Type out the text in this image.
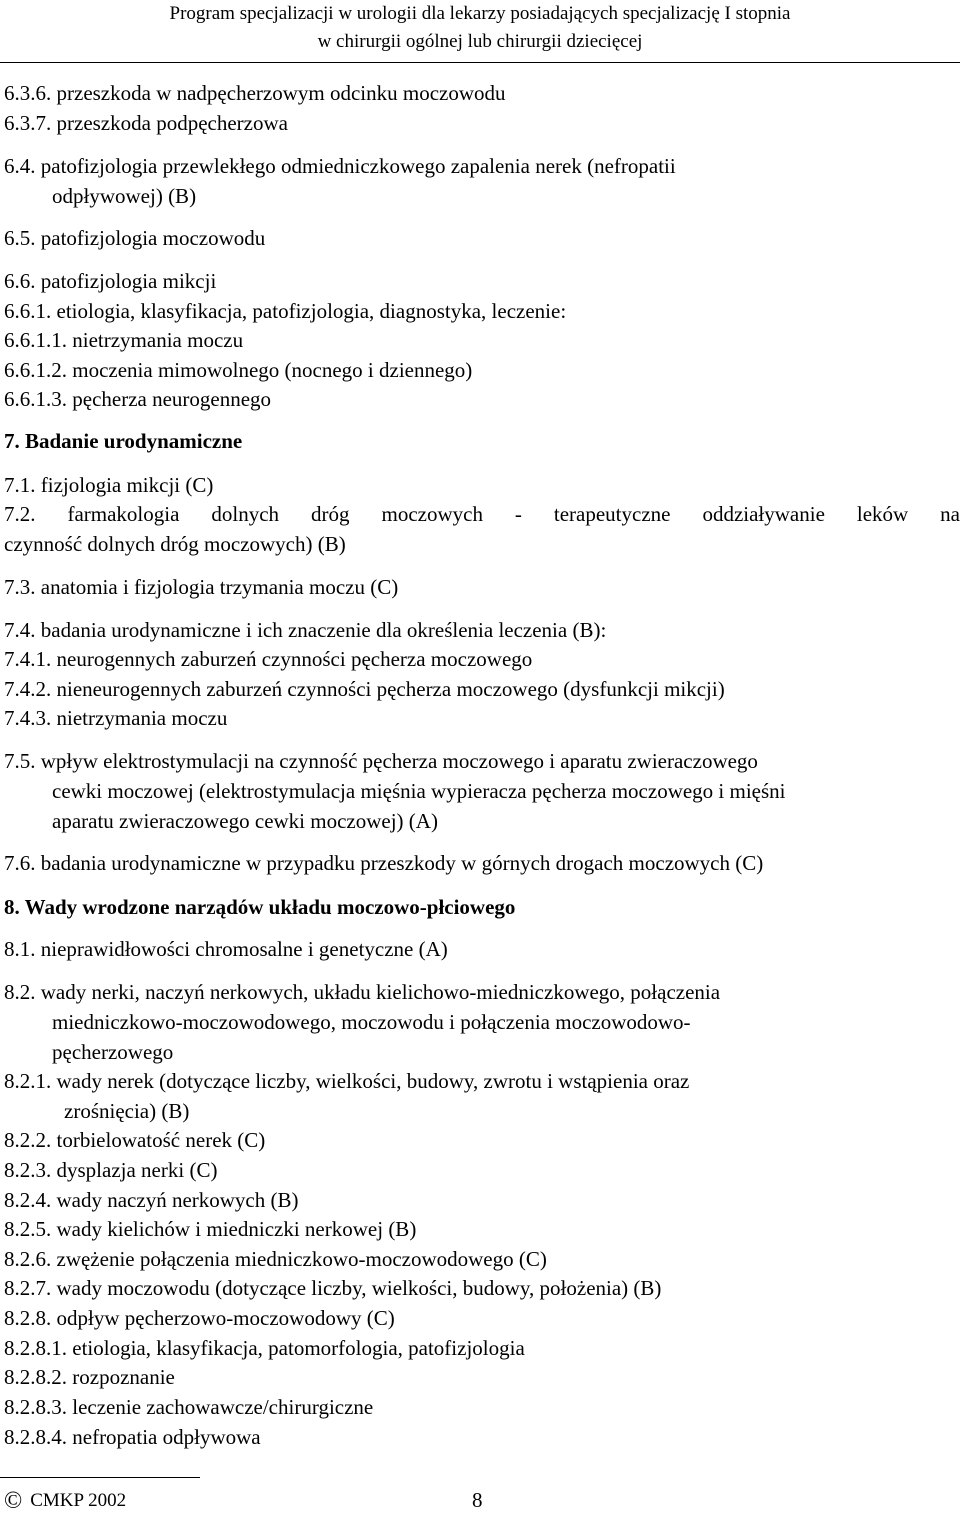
Program specjalizacji w urologii dla lekarzy posiadających specjalizację I stopnia
w chirurgii ogólnej lub chirurgii dziecięcej
6.3.6. przeszkoda w nadpęcherzowym odcinku moczowodu
6.3.7. przeszkoda podpęcherzowa
6.4. patofizjologia przewlekłego odmiedniczkowego zapalenia nerek (nefropatii
odpływowej) (B)
6.5. patofizjologia moczowodu
6.6. patofizjologia mikcji
6.6.1. etiologia, klasyfikacja, patofizjologia, diagnostyka, leczenie:
6.6.1.1. nietrzymania moczu
6.6.1.2. moczenia mimowolnego (nocnego i dziennego)
6.6.1.3. pęcherza neurogennego
7. Badanie urodynamiczne
7.1. fizjologia mikcji (C)
7.2. farmakologia dolnych dróg moczowych - terapeutyczne oddziaływanie leków na
czynność dolnych dróg moczowych) (B)
7.3. anatomia i fizjologia trzymania moczu (C)
7.4. badania urodynamiczne i ich znaczenie dla określenia leczenia (B):
7.4.1. neurogennych zaburzeń czynności pęcherza moczowego
7.4.2. nieneurogennych zaburzeń czynności pęcherza moczowego (dysfunkcji mikcji)
7.4.3. nietrzymania moczu
7.5. wpływ elektrostymulacji na czynność pęcherza moczowego i aparatu zwieraczowego
cewki moczowej (elektrostymulacja mięśnia wypieracza pęcherza moczowego i mięśni
aparatu zwieraczowego cewki moczowej) (A)
7.6. badania urodynamiczne w przypadku przeszkody w górnych drogach moczowych (C)
8. Wady wrodzone narządów układu moczowo-płciowego
8.1. nieprawidłowości chromosalne i genetyczne (A)
8.2. wady nerki, naczyń nerkowych, układu kielichowo-miedniczkowego, połączenia
miedniczkowo-moczowodowego, moczowodu i połączenia moczowodowo-
pęcherzowego
8.2.1. wady nerek (dotyczące liczby, wielkości, budowy, zwrotu i wstąpienia oraz
zrośnięcia) (B)
8.2.2. torbielowatość nerek (C)
8.2.3. dysplazja nerki (C)
8.2.4. wady naczyń nerkowych (B)
8.2.5. wady kielichów i miedniczki nerkowej (B)
8.2.6. zwężenie połączenia miedniczkowo-moczowodowego (C)
8.2.7. wady moczowodu (dotyczące liczby, wielkości, budowy, położenia) (B)
8.2.8. odpływ pęcherzowo-moczowodowy (C)
8.2.8.1. etiologia, klasyfikacja, patomorfologia, patofizjologia
8.2.8.2. rozpoznanie
8.2.8.3. leczenie zachowawcze/chirurgiczne
8.2.8.4. nefropatia odpływowa
© CMKP 2002	8
